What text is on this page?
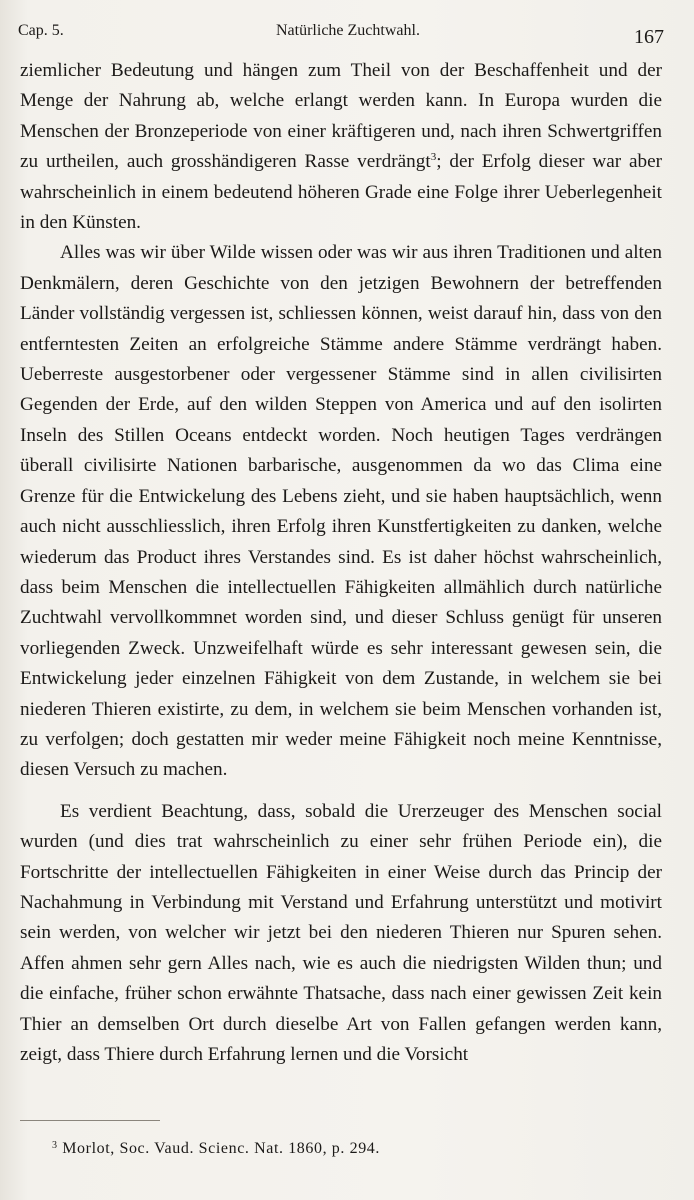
Cap. 5.	Natürliche Zuchtwahl.	167

ziemlicher Bedeutung und hängen zum Theil von der Beschaffenheit und der Menge der Nahrung ab, welche erlangt werden kann. In Europa wurden die Menschen der Bronzeperiode von einer kräftigeren und, nach ihren Schwertgriffen zu urtheilen, auch grosshändigeren Rasse verdrängt$^3$; der Erfolg dieser war aber wahrscheinlich in einem bedeutend höheren Grade eine Folge ihrer Ueberlegenheit in den Künsten.

Alles was wir über Wilde wissen oder was wir aus ihren Traditionen und alten Denkmälern, deren Geschichte von den jetzigen Bewohnern der betreffenden Länder vollständig vergessen ist, schliessen können, weist darauf hin, dass von den entferntesten Zeiten an erfolgreiche Stämme andere Stämme verdrängt haben. Ueberreste ausgestorbener oder vergessener Stämme sind in allen civilisirten Gegenden der Erde, auf den wilden Steppen von America und auf den isolirten Inseln des Stillen Oceans entdeckt worden. Noch heutigen Tages verdrängen überall civilisirte Nationen barbarische, ausgenommen da wo das Clima eine Grenze für die Entwickelung des Lebens zieht, und sie haben hauptsächlich, wenn auch nicht ausschliesslich, ihren Erfolg ihren Kunstfertigkeiten zu danken, welche wiederum das Product ihres Verstandes sind. Es ist daher höchst wahrscheinlich, dass beim Menschen die intellectuellen Fähigkeiten allmählich durch natürliche Zuchtwahl vervollkommnet worden sind, und dieser Schluss genügt für unseren vorliegenden Zweck. Unzweifelhaft würde es sehr interessant gewesen sein, die Entwickelung jeder einzelnen Fähigkeit von dem Zustande, in welchem sie bei niederen Thieren existirte, zu dem, in welchem sie beim Menschen vorhanden ist, zu verfolgen; doch gestatten mir weder meine Fähigkeit noch meine Kenntnisse, diesen Versuch zu machen.

Es verdient Beachtung, dass, sobald die Urerzeuger des Menschen social wurden (und dies trat wahrscheinlich zu einer sehr frühen Periode ein), die Fortschritte der intellectuellen Fähigkeiten in einer Weise durch das Princip der Nachahmung in Verbindung mit Verstand und Erfahrung unterstützt und motivirt sein werden, von welcher wir jetzt bei den niederen Thieren nur Spuren sehen. Affen ahmen sehr gern Alles nach, wie es auch die niedrigsten Wilden thun; und die einfache, früher schon erwähnte Thatsache, dass nach einer gewissen Zeit kein Thier an demselben Ort durch dieselbe Art von Fallen gefangen werden kann, zeigt, dass Thiere durch Erfahrung lernen und die Vorsicht

$^3$ Morlot, Soc. Vaud. Scienc. Nat. 1860, p. 294.
